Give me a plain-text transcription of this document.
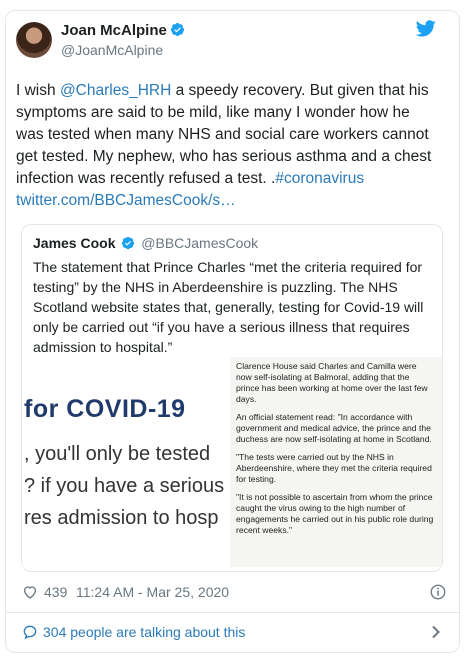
Joan McAlpine
@JoanMcAlpine
I wish @Charles_HRH a speedy recovery. But given that his symptoms are said to be mild, like many I wonder how he was tested when many NHS and social care workers cannot get tested. My nephew, who has serious asthma and a chest infection was recently refused a test. .#coronavirus twitter.com/BBCJamesCook/s…
James Cook @BBCJamesCook
The statement that Prince Charles “met the criteria required for testing” by the NHS in Aberdeenshire is puzzling. The NHS Scotland website states that, generally, testing for Covid-19 will only be carried out “if you have a serious illness that requires admission to hospital.”
for COVID-19
, you'll only be tested
? if you have a serious
res admission to hosp

Clarence House said Charles and Camilla were now self-isolating at Balmoral, adding that the prince has been working at home over the last few days.

An official statement read: "In accordance with government and medical advice, the prince and the duchess are now self-isolating at home in Scotland.

"The tests were carried out by the NHS in Aberdeenshire, where they met the criteria required for testing.

"It is not possible to ascertain from whom the prince caught the virus owing to the high number of engagements he carried out in his public role during recent weeks."

439 11:24 AM - Mar 25, 2020
304 people are talking about this
